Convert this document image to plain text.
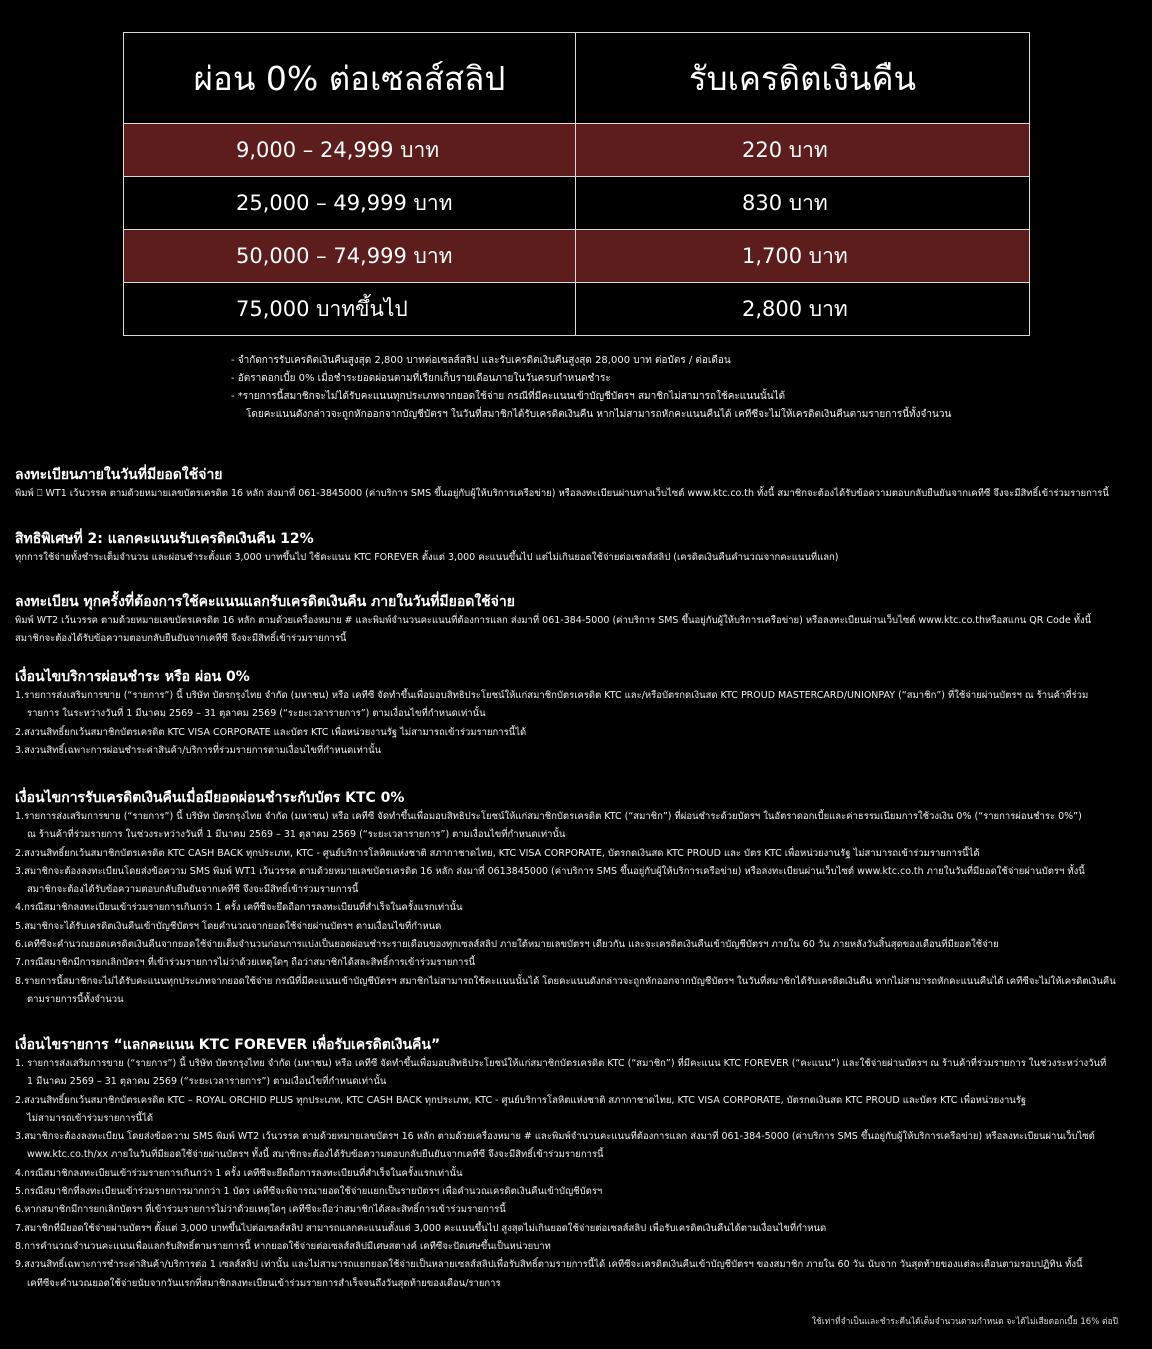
ผ่อน 0% ต่อเซลส์สลิป	รับเครดิตเงินคืน
9,000 – 24,999 บาท	220 บาท
25,000 – 49,999 บาท	830 บาท
50,000 – 74,999 บาท	1,700 บาท
75,000 บาทขึ้นไป	2,800 บาท
- จำกัดการรับเครดิตเงินคืนสูงสุด 2,800 บาทต่อเซลส์สลิป และรับเครดิตเงินคืนสูงสุด 28,000 บาท ต่อบัตร / ต่อเดือน
- อัตราดอกเบี้ย 0% เมื่อชำระยอดผ่อนตามที่เรียกเก็บรายเดือนภายในวันครบกำหนดชำระ
- *รายการนี้สมาชิกจะไม่ได้รับคะแนนทุกประเภทจากยอดใช้จ่าย กรณีที่มีคะแนนเข้าบัญชีบัตรฯ สมาชิกไม่สามารถใช้คะแนนนั้นได้
โดยคะแนนดังกล่าวจะถูกหักออกจากบัญชีบัตรฯ ในวันที่สมาชิกได้รับเครดิตเงินคืน หากไม่สามารถหักคะแนนคืนได้ เคทีซีจะไม่ให้เครดิตเงินคืนตามรายการนี้ทั้งจำนวน
ลงทะเบียนภายในวันที่มียอดใช้จ่าย
พิมพ์ ⎕ WT1 เว้นวรรค ตามด้วยหมายเลขบัตรเครดิต 16 หลัก ส่งมาที่ 061-3845000 (ค่าบริการ SMS ขึ้นอยู่กับผู้ให้บริการเครือข่าย) หรือลงทะเบียนผ่านทางเว็บไซต์ www.ktc.co.th ทั้งนี้ สมาชิกจะต้องได้รับข้อความตอบกลับยืนยันจากเคทีซี จึงจะมีสิทธิ์เข้าร่วมรายการนี้
สิทธิพิเศษที่ 2: แลกคะแนนรับเครดิตเงินคืน 12%
ทุกการใช้จ่ายทั้งชำระเต็มจำนวน และผ่อนชำระตั้งแต่ 3,000 บาทขึ้นไป ใช้คะแนน KTC FOREVER ตั้งแต่ 3,000 คะแนนขึ้นไป แต่ไม่เกินยอดใช้จ่ายต่อเซลส์สลิป (เครดิตเงินคืนคำนวณจากคะแนนที่แลก)
ลงทะเบียน ทุกครั้งที่ต้องการใช้คะแนนแลกรับเครดิตเงินคืน ภายในวันที่มียอดใช้จ่าย
พิมพ์ WT2 เว้นวรรค ตามด้วยหมายเลขบัตรเครดิต 16 หลัก ตามด้วยเครื่องหมาย # และพิมพ์จำนวนคะแนนที่ต้องการแลก ส่งมาที่ 061-384-5000 (ค่าบริการ SMS ขึ้นอยู่กับผู้ให้บริการเครือข่าย) หรือลงทะเบียนผ่านเว็บไซต์ www.ktc.co.thหรือสแกน QR Code ทั้งนี้
สมาชิกจะต้องได้รับข้อความตอบกลับยืนยันจากเคทีซี จึงจะมีสิทธิ์เข้าร่วมรายการนี้
เงื่อนไขบริการผ่อนชำระ หรือ ผ่อน 0%
1.รายการส่งเสริมการขาย (“รายการ”) นี้ บริษัท บัตรกรุงไทย จำกัด (มหาชน) หรือ เคทีซี จัดทำขึ้นเพื่อมอบสิทธิประโยชน์ให้แก่สมาชิกบัตรเครดิต KTC และ/หรือบัตรกดเงินสด KTC PROUD MASTERCARD/UNIONPAY (“สมาชิก”) ที่ใช้จ่ายผ่านบัตรฯ ณ ร้านค้าที่ร่วม
รายการ ในระหว่างวันที่ 1 มีนาคม 2569 – 31 ตุลาคม 2569 (“ระยะเวลารายการ”) ตามเงื่อนไขที่กำหนดเท่านั้น
2.สงวนสิทธิ์ยกเว้นสมาชิกบัตรเครดิต KTC VISA CORPORATE และบัตร KTC เพื่อหน่วยงานรัฐ ไม่สามารถเข้าร่วมรายการนี้ได้
3.สงวนสิทธิ์เฉพาะการผ่อนชำระค่าสินค้า/บริการที่ร่วมรายการตามเงื่อนไขที่กำหนดเท่านั้น
เงื่อนไขการรับเครดิตเงินคืนเมื่อมียอดผ่อนชำระกับบัตร KTC 0%
1.รายการส่งเสริมการขาย (“รายการ”) นี้ บริษัท บัตรกรุงไทย จำกัด (มหาชน) หรือ เคทีซี จัดทำขึ้นเพื่อมอบสิทธิประโยชน์ให้แก่สมาชิกบัตรเครดิต KTC (“สมาชิก”) ที่ผ่อนชำระด้วยบัตรฯ ในอัตราดอกเบี้ยและค่าธรรมเนียมการใช้วงเงิน 0% (“รายการผ่อนชำระ 0%”)
ณ ร้านค้าที่ร่วมรายการ ในช่วงระหว่างวันที่ 1 มีนาคม 2569 – 31 ตุลาคม 2569 (“ระยะเวลารายการ”) ตามเงื่อนไขที่กำหนดเท่านั้น
2.สงวนสิทธิ์ยกเว้นสมาชิกบัตรเครดิต KTC CASH BACK ทุกประเภท, KTC - ศูนย์บริการโลหิตแห่งชาติ สภากาชาดไทย, KTC VISA CORPORATE, บัตรกดเงินสด KTC PROUD และ บัตร KTC เพื่อหน่วยงานรัฐ ไม่สามารถเข้าร่วมรายการนี้ได้
3.สมาชิกจะต้องลงทะเบียนโดยส่งข้อความ SMS พิมพ์ WT1 เว้นวรรค ตามด้วยหมายเลขบัตรเครดิต 16 หลัก ส่งมาที่ 0613845000 (ค่าบริการ SMS ขึ้นอยู่กับผู้ให้บริการเครือข่าย) หรือลงทะเบียนผ่านเว็บไซต์ www.ktc.co.th ภายในวันที่มียอดใช้จ่ายผ่านบัตรฯ ทั้งนี้
สมาชิกจะต้องได้รับข้อความตอบกลับยืนยันจากเคทีซี จึงจะมีสิทธิ์เข้าร่วมรายการนี้
4.กรณีสมาชิกลงทะเบียนเข้าร่วมรายการเกินกว่า 1 ครั้ง เคทีซีจะยึดถือการลงทะเบียนที่สำเร็จในครั้งแรกเท่านั้น
5.สมาชิกจะได้รับเครดิตเงินคืนเข้าบัญชีบัตรฯ โดยคำนวณจากยอดใช้จ่ายผ่านบัตรฯ ตามเงื่อนไขที่กำหนด
6.เคทีซีจะคำนวณยอดเครดิตเงินคืนจากยอดใช้จ่ายเต็มจำนวนก่อนการแบ่งเป็นยอดผ่อนชำระรายเดือนของทุกเซลส์สลิป ภายใต้หมายเลขบัตรฯ เดียวกัน และจะเครดิตเงินคืนเข้าบัญชีบัตรฯ ภายใน 60 วัน ภายหลังวันสิ้นสุดของเดือนที่มียอดใช้จ่าย
7.กรณีสมาชิกมีการยกเลิกบัตรฯ ที่เข้าร่วมรายการไม่ว่าด้วยเหตุใดๆ ถือว่าสมาชิกได้สละสิทธิ์การเข้าร่วมรายการนี้
8.รายการนี้สมาชิกจะไม่ได้รับคะแนนทุกประเภทจากยอดใช้จ่าย กรณีที่มีคะแนนเข้าบัญชีบัตรฯ สมาชิกไม่สามารถใช้คะแนนนั้นได้ โดยคะแนนดังกล่าวจะถูกหักออกจากบัญชีบัตรฯ ในวันที่สมาชิกได้รับเครดิตเงินคืน หากไม่สามารถหักคะแนนคืนได้ เคทีซีจะไม่ให้เครดิตเงินคืน
ตามรายการนี้ทั้งจำนวน
เงื่อนไขรายการ “แลกคะแนน KTC FOREVER เพื่อรับเครดิตเงินคืน”
1. รายการส่งเสริมการขาย (“รายการ”) นี้ บริษัท บัตรกรุงไทย จำกัด (มหาชน) หรือ เคทีซี จัดทำขึ้นเพื่อมอบสิทธิประโยชน์ให้แก่สมาชิกบัตรเครดิต KTC (“สมาชิก”) ที่มีคะแนน KTC FOREVER (“คะแนน”) และใช้จ่ายผ่านบัตรฯ ณ ร้านค้าที่ร่วมรายการ ในช่วงระหว่างวันที่
1 มีนาคม 2569 – 31 ตุลาคม 2569 (“ระยะเวลารายการ”) ตามเงื่อนไขที่กำหนดเท่านั้น
2.สงวนสิทธิ์ยกเว้นสมาชิกบัตรเครดิต KTC – ROYAL ORCHID PLUS ทุกประเภท, KTC CASH BACK ทุกประเภท, KTC - ศูนย์บริการโลหิตแห่งชาติ สภากาชาดไทย, KTC VISA CORPORATE, บัตรกดเงินสด KTC PROUD และบัตร KTC เพื่อหน่วยงานรัฐ
ไม่สามารถเข้าร่วมรายการนี้ได้
3.สมาชิกจะต้องลงทะเบียน โดยส่งข้อความ SMS พิมพ์ WT2 เว้นวรรค ตามด้วยหมายเลขบัตรฯ 16 หลัก ตามด้วยเครื่องหมาย # และพิมพ์จำนวนคะแนนที่ต้องการแลก ส่งมาที่ 061-384-5000 (ค่าบริการ SMS ขึ้นอยู่กับผู้ให้บริการเครือข่าย) หรือลงทะเบียนผ่านเว็บไซต์
www.ktc.co.th/xx ภายในวันที่มียอดใช้จ่ายผ่านบัตรฯ ทั้งนี้ สมาชิกจะต้องได้รับข้อความตอบกลับยืนยันจากเคทีซี จึงจะมีสิทธิ์เข้าร่วมรายการนี้
4.กรณีสมาชิกลงทะเบียนเข้าร่วมรายการเกินกว่า 1 ครั้ง เคทีซีจะยึดถือการลงทะเบียนที่สำเร็จในครั้งแรกเท่านั้น
5.กรณีสมาชิกที่ลงทะเบียนเข้าร่วมรายการมากกว่า 1 บัตร เคทีซีจะพิจารณายอดใช้จ่ายแยกเป็นรายบัตรฯ เพื่อคำนวณเครดิตเงินคืนเข้าบัญชีบัตรฯ
6.หากสมาชิกมีการยกเลิกบัตรฯ ที่เข้าร่วมรายการไม่ว่าด้วยเหตุใดๆ เคทีซีจะถือว่าสมาชิกได้สละสิทธิ์การเข้าร่วมรายการนี้
7.สมาชิกที่มียอดใช้จ่ายผ่านบัตรฯ ตั้งแต่ 3,000 บาทขึ้นไปต่อเซลส์สลิป สามารถแลกคะแนนตั้งแต่ 3,000 คะแนนขึ้นไป สูงสุดไม่เกินยอดใช้จ่ายต่อเซลส์สลิป เพื่อรับเครดิตเงินคืนได้ตามเงื่อนไขที่กำหนด
8.การคำนวณจำนวนคะแนนเพื่อแลกรับสิทธิ์ตามรายการนี้ หากยอดใช้จ่ายต่อเซลส์สลิปมีเศษสตางค์ เคทีซีจะปัดเศษขึ้นเป็นหน่วยบาท
9.สงวนสิทธิ์เฉพาะการชำระค่าสินค้า/บริการต่อ 1 เซลส์สลิป เท่านั้น และไม่สามารถแยกยอดใช้จ่ายเป็นหลายเซลส์สลิปเพื่อรับสิทธิ์ตามรายการนี้ได้ เคทีซีจะเครดิตเงินคืนเข้าบัญชีบัตรฯ ของสมาชิก ภายใน 60 วัน นับจาก วันสุดท้ายของแต่ละเดือนตามรอบปฏิทิน ทั้งนี้
เคทีซีจะคำนวณยอดใช้จ่ายนับจากวันแรกที่สมาชิกลงทะเบียนเข้าร่วมรายการสำเร็จจนถึงวันสุดท้ายของเดือน/รายการ
ใช้เท่าที่จำเป็นและชำระคืนได้เต็มจำนวนตามกำหนด จะได้ไม่เสียดอกเบี้ย 16% ต่อปี
